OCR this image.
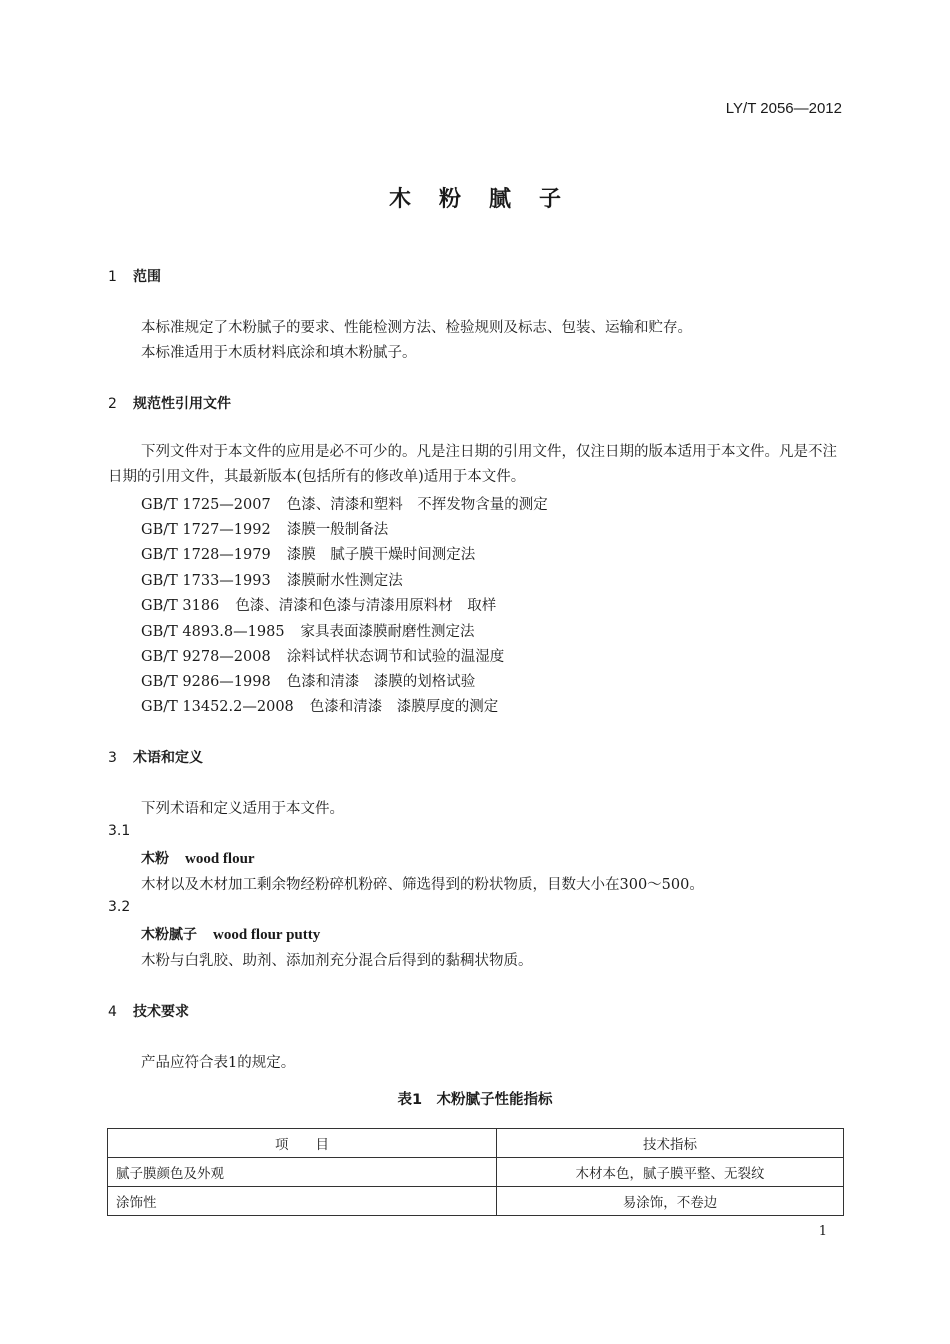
LY/T 2056—2012
木粉腻子
1 范围
本标准规定了木粉腻子的要求、性能检测方法、检验规则及标志、包装、运输和贮存。
本标准适用于木质材料底涂和填木粉腻子。
2 规范性引用文件
下列文件对于本文件的应用是必不可少的。凡是注日期的引用文件，仅注日期的版本适用于本文件。凡是不注日期的引用文件，其最新版本(包括所有的修改单)适用于本文件。
GB/T 1725—2007 色漆、清漆和塑料　不挥发物含量的测定
GB/T 1727—1992 漆膜一般制备法
GB/T 1728—1979 漆膜　腻子膜干燥时间测定法
GB/T 1733—1993 漆膜耐水性测定法
GB/T 3186 色漆、清漆和色漆与清漆用原料材　取样
GB/T 4893.8—1985 家具表面漆膜耐磨性测定法
GB/T 9278—2008 涂料试样状态调节和试验的温湿度
GB/T 9286—1998 色漆和清漆　漆膜的划格试验
GB/T 13452.2—2008 色漆和清漆　漆膜厚度的测定
3 术语和定义
下列术语和定义适用于本文件。
3.1
木粉 wood flour
木材以及木材加工剩余物经粉碎机粉碎、筛选得到的粉状物质，目数大小在300～500。
3.2
木粉腻子 wood flour putty
木粉与白乳胶、助剂、添加剂充分混合后得到的黏稠状物质。
4 技术要求
产品应符合表1的规定。
表1　木粉腻子性能指标
项　　目	技术指标
腻子膜颜色及外观	木材本色，腻子膜平整、无裂纹
涂饰性	易涂饰，不卷边
1
